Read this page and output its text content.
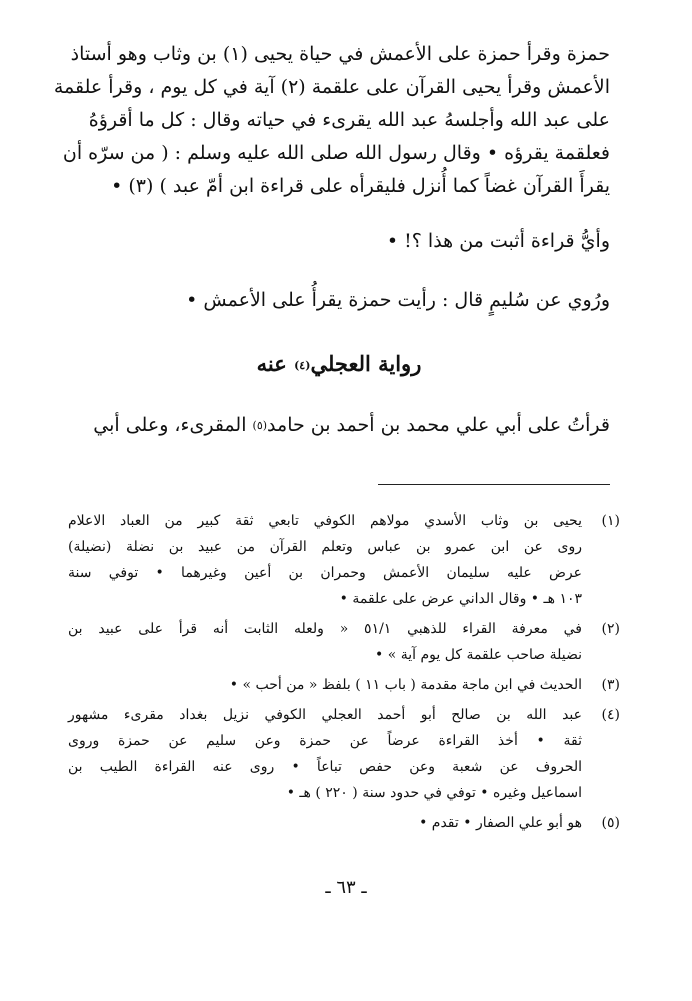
حمزة وقرأ حمزة على الأعمش في حياة يحيى (١) بن وثاب وهو أستاذ
الأعمش وقرأ يحيى القرآن على علقمة (٢) آية في كل يوم ، وقرأ علقمة
على عبد الله وأجلسهُ عبد الله يقرىء في حياته وقال : كل ما أقرؤهُ
فعلقمة يقرؤه • وقال رسول الله صلى الله عليه وسلم : ( من سرّه أن
يقرأَ القرآن غضاً كما أُنزل فليقرأه على قراءة ابن أمّ عبد ) (٣) •
وأيُّ قراءة أثبت من هذا ؟! •
ورُوي عن سُليمٍ قال : رأيت حمزة يقرأُ على الأعمش •
رواية العجلي(٤) عنه
قرأتُ على أبي علي محمد بن أحمد بن حامد(٥) المقرىء، وعلى أبي
(١)
يحيى بن وثاب الأسدي مولاهم الكوفي تابعي ثقة كبير من العباد الاعلام
روى عن ابن عمرو بن عباس وتعلم القرآن من عبيد بن نضلة (نضيلة)
عرض عليه سليمان الأعمش وحمران بن أعين وغيرهما • توفي سنة
١٠٣ هـ • وقال الداني عرض على علقمة •
(٢)
في معرفة القراء للذهبي ٥١/١ « ولعله الثابت أنه قرأ على عبيد بن
نضيلة صاحب علقمة كل يوم آية » •
(٣)
الحديث في ابن ماجة مقدمة ( باب ١١ ) بلفظ « من أحب » •
(٤)
عبد الله بن صالح أبو أحمد العجلي الكوفي نزيل بغداد مقرىء مشهور
ثقة • أخذ القراءة عرضاً عن حمزة وعن سليم عن حمزة وروى
الحروف عن شعبة وعن حفص تباعاً • روى عنه القراءة الطيب بن
اسماعيل وغيره • توفي في حدود سنة ( ٢٢٠ ) هـ •
(٥)
هو أبو علي الصفار • تقدم •
ـ ٦٣ ـ
